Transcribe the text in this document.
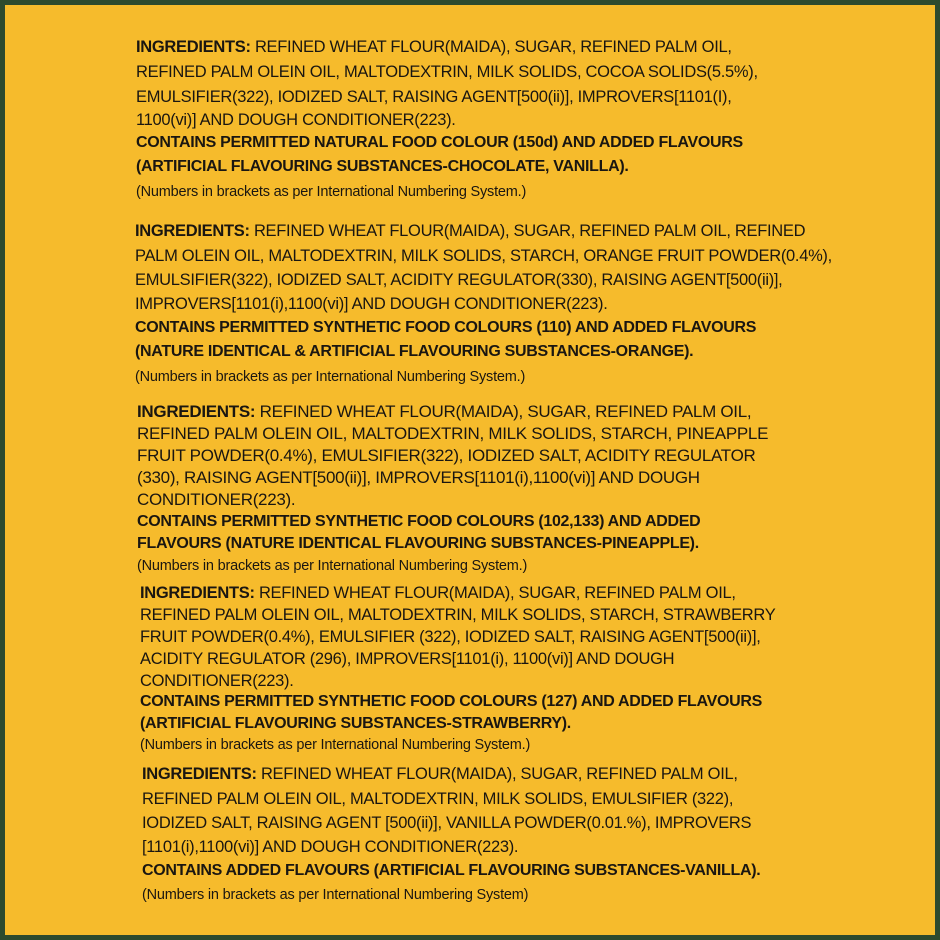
INGREDIENTS: REFINED WHEAT FLOUR(MAIDA), SUGAR, REFINED PALM OIL,
REFINED PALM OLEIN OIL, MALTODEXTRIN, MILK SOLIDS, COCOA SOLIDS(5.5%),
EMULSIFIER(322), IODIZED SALT, RAISING AGENT[500(ii)], IMPROVERS[1101(I),
1100(vi)] AND DOUGH CONDITIONER(223).
CONTAINS PERMITTED NATURAL FOOD COLOUR (150d) AND ADDED FLAVOURS
(ARTIFICIAL FLAVOURING SUBSTANCES-CHOCOLATE, VANILLA).
(Numbers in brackets as per International Numbering System.)
INGREDIENTS: REFINED WHEAT FLOUR(MAIDA), SUGAR, REFINED PALM OIL, REFINED
PALM OLEIN OIL, MALTODEXTRIN, MILK SOLIDS, STARCH, ORANGE FRUIT POWDER(0.4%),
EMULSIFIER(322), IODIZED SALT, ACIDITY REGULATOR(330), RAISING AGENT[500(ii)],
IMPROVERS[1101(i),1100(vi)] AND DOUGH CONDITIONER(223).
CONTAINS PERMITTED SYNTHETIC FOOD COLOURS (110) AND ADDED FLAVOURS
(NATURE IDENTICAL & ARTIFICIAL FLAVOURING SUBSTANCES-ORANGE).
(Numbers in brackets as per International Numbering System.)
INGREDIENTS: REFINED WHEAT FLOUR(MAIDA), SUGAR, REFINED PALM OIL,
REFINED PALM OLEIN OIL, MALTODEXTRIN, MILK SOLIDS, STARCH, PINEAPPLE
FRUIT POWDER(0.4%), EMULSIFIER(322), IODIZED SALT, ACIDITY REGULATOR
(330), RAISING AGENT[500(ii)], IMPROVERS[1101(i),1100(vi)] AND DOUGH
CONDITIONER(223).
CONTAINS PERMITTED SYNTHETIC FOOD COLOURS (102,133) AND ADDED
FLAVOURS (NATURE IDENTICAL FLAVOURING SUBSTANCES-PINEAPPLE).
(Numbers in brackets as per International Numbering System.)
INGREDIENTS: REFINED WHEAT FLOUR(MAIDA), SUGAR, REFINED PALM OIL,
REFINED PALM OLEIN OIL, MALTODEXTRIN, MILK SOLIDS, STARCH, STRAWBERRY
FRUIT POWDER(0.4%), EMULSIFIER (322), IODIZED SALT, RAISING AGENT[500(ii)],
ACIDITY REGULATOR (296), IMPROVERS[1101(i), 1100(vi)] AND DOUGH
CONDITIONER(223).
CONTAINS PERMITTED SYNTHETIC FOOD COLOURS (127) AND ADDED FLAVOURS
(ARTIFICIAL FLAVOURING SUBSTANCES-STRAWBERRY).
(Numbers in brackets as per International Numbering System.)
INGREDIENTS: REFINED WHEAT FLOUR(MAIDA), SUGAR, REFINED PALM OIL,
REFINED PALM OLEIN OIL, MALTODEXTRIN, MILK SOLIDS, EMULSIFIER (322),
IODIZED SALT, RAISING AGENT [500(ii)], VANILLA POWDER(0.01.%), IMPROVERS
[1101(i),1100(vi)] AND DOUGH CONDITIONER(223).
CONTAINS ADDED FLAVOURS (ARTIFICIAL FLAVOURING SUBSTANCES-VANILLA).
(Numbers in brackets as per International Numbering System)
